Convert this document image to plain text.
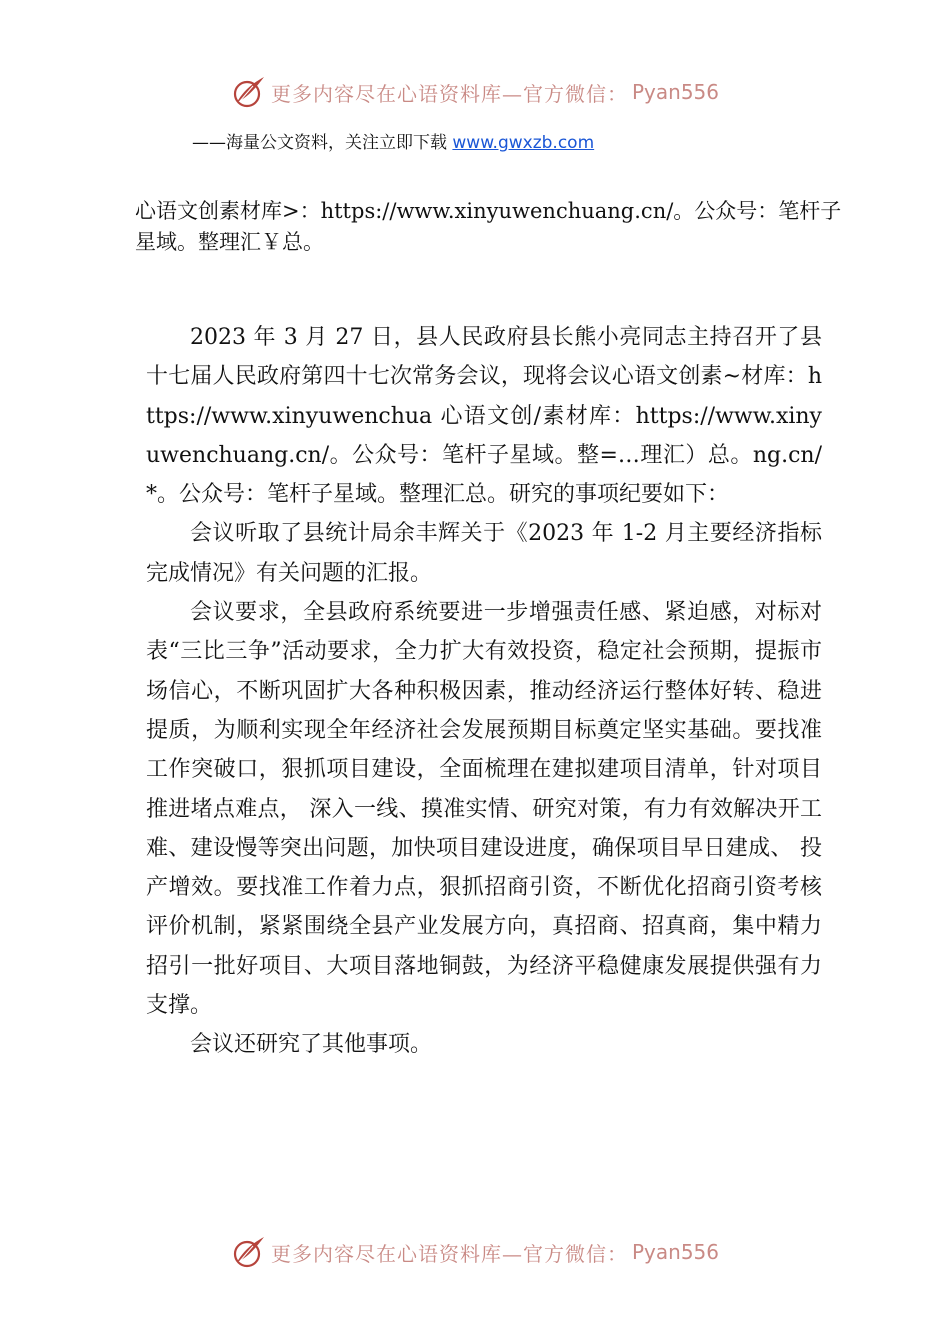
更多内容尽在心语资料库—官方微信： Pyan556
——海量公文资料，关注立即下载 www.gwxzb.com

心语文创素材库>：https://www.xinyuwenchuang.cn/。公众号：笔杆子星域。整理汇￥总。

2023 年 3 月 27 日，县人民政府县长熊小亮同志主持召开了县十七届人民政府第四十七次常务会议，现将会议心语文创素~材库：https://www.xinyuwenchua 心语文创/素材库：https://www.xinyuwenchuang.cn/。公众号：笔杆子星域。整=…理汇）总。ng.cn/*。公众号：笔杆子星域。整理汇总。研究的事项纪要如下：

会议听取了县统计局余丰辉关于《2023 年 1-2 月主要经济指标完成情况》有关问题的汇报。

会议要求，全县政府系统要进一步增强责任感、紧迫感，对标对表“三比三争”活动要求，全力扩大有效投资，稳定社会预期，提振市场信心，不断巩固扩大各种积极因素，推动经济运行整体好转、稳进提质，为顺利实现全年经济社会发展预期目标奠定坚实基础。要找准工作突破口，狠抓项目建设，全面梳理在建拟建项目清单，针对项目推进堵点难点， 深入一线、摸准实情、研究对策，有力有效解决开工难、建设慢等突出问题，加快项目建设进度，确保项目早日建成、 投产增效。要找准工作着力点，狠抓招商引资，不断优化招商引资考核评价机制，紧紧围绕全县产业发展方向，真招商、招真商，集中精力招引一批好项目、大项目落地铜鼓，为经济平稳健康发展提供强有力支撑。

会议还研究了其他事项。

更多内容尽在心语资料库—官方微信： Pyan556
